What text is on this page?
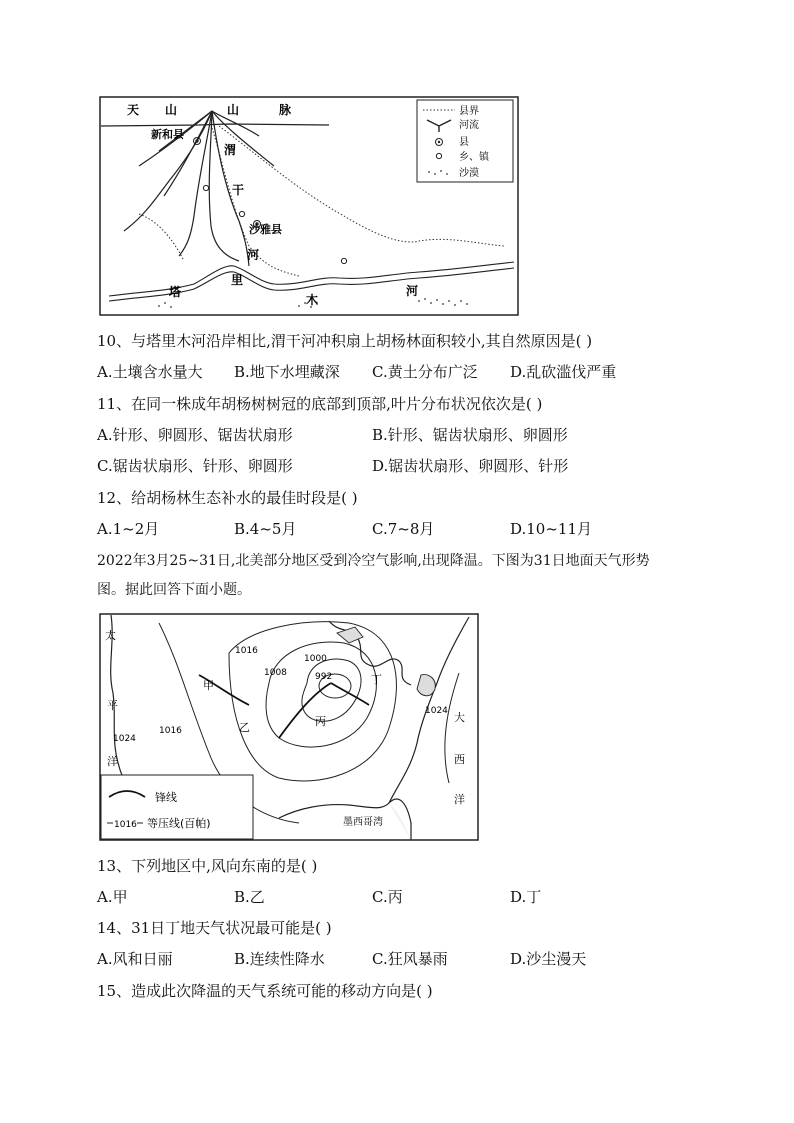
天 山	山	脉
新和县
渭
干
沙雅县
河
塔
里
木
河
县界
河流
县
乡、镇
沙漠
10、与塔里木河沿岸相比,渭干河冲积扇上胡杨林面积较小,其自然原因是( )
A.土壤含水量大 B.地下水埋藏深 C.黄土分布广泛 D.乱砍滥伐严重
11、在同一株成年胡杨树树冠的底部到顶部,叶片分布状况依次是( )
A.针形、卵圆形、锯齿状扇形	B.针形、锯齿状扇形、卵圆形
C.锯齿状扇形、针形、卵圆形	D.锯齿状扇形、卵圆形、针形
12、给胡杨林生态补水的最佳时段是( )
A.1~2月	B.4~5月	C.7~8月	D.10~11月
2022年3月25~31日,北美部分地区受到冷空气影响,出现降温。下图为31日地面天气形势
图。据此回答下面小题。
太
平
洋
1024
1016
1016
1008
1000
992
1024
甲
乙	丙
丁
大
西
洋
墨西哥湾
锋线
1016 等压线(百帕)
13、下列地区中,风向东南的是( )
A.甲	B.乙	C.丙	D.丁
14、31日丁地天气状况最可能是( )
A.风和日丽	B.连续性降水	C.狂风暴雨	D.沙尘漫天
15、造成此次降温的天气系统可能的移动方向是( )
